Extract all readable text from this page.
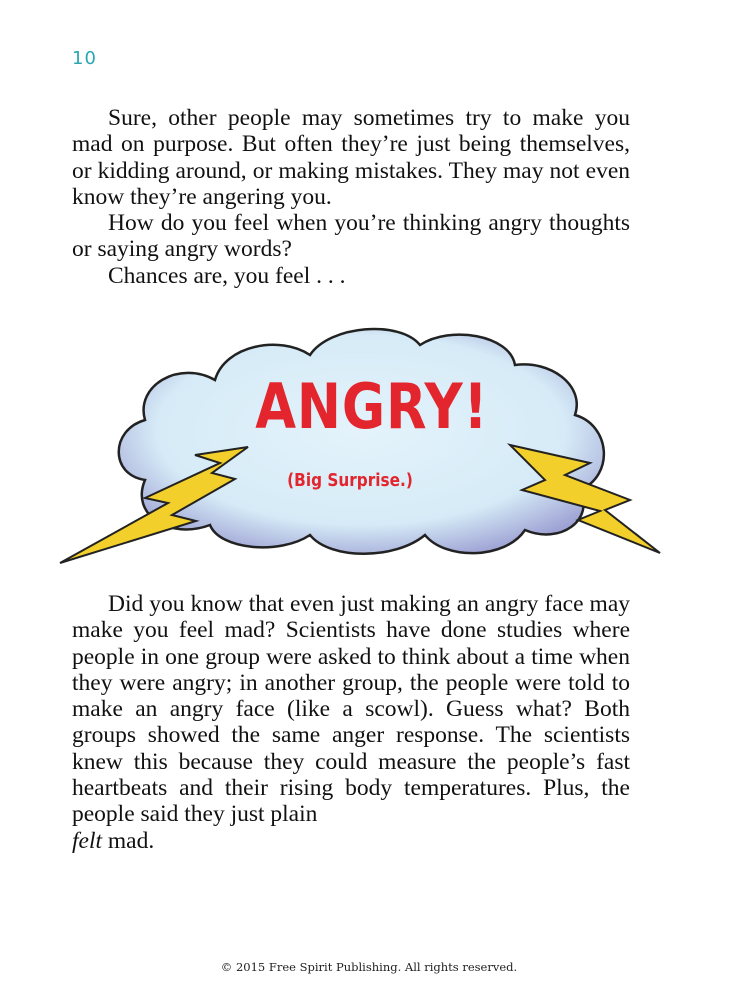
10

Sure, other people may sometimes try to make you mad on purpose. But often they’re just being themselves, or kidding around, or making mistakes. They may not even know they’re angering you.

How do you feel when you’re thinking angry thoughts or saying angry words?

Chances are, you feel . . .

ANGRY!
(Big Surprise.)

Did you know that even just making an angry face may make you feel mad? Scientists have done studies where people in one group were asked to think about a time when they were angry; in another group, the people were told to make an angry face (like a scowl). Guess what? Both groups showed the same anger response. The scientists knew this because they could measure the people’s fast heartbeats and their rising body temperatures. Plus, the people said they just plain
felt mad.

© 2015 Free Spirit Publishing. All rights reserved.
